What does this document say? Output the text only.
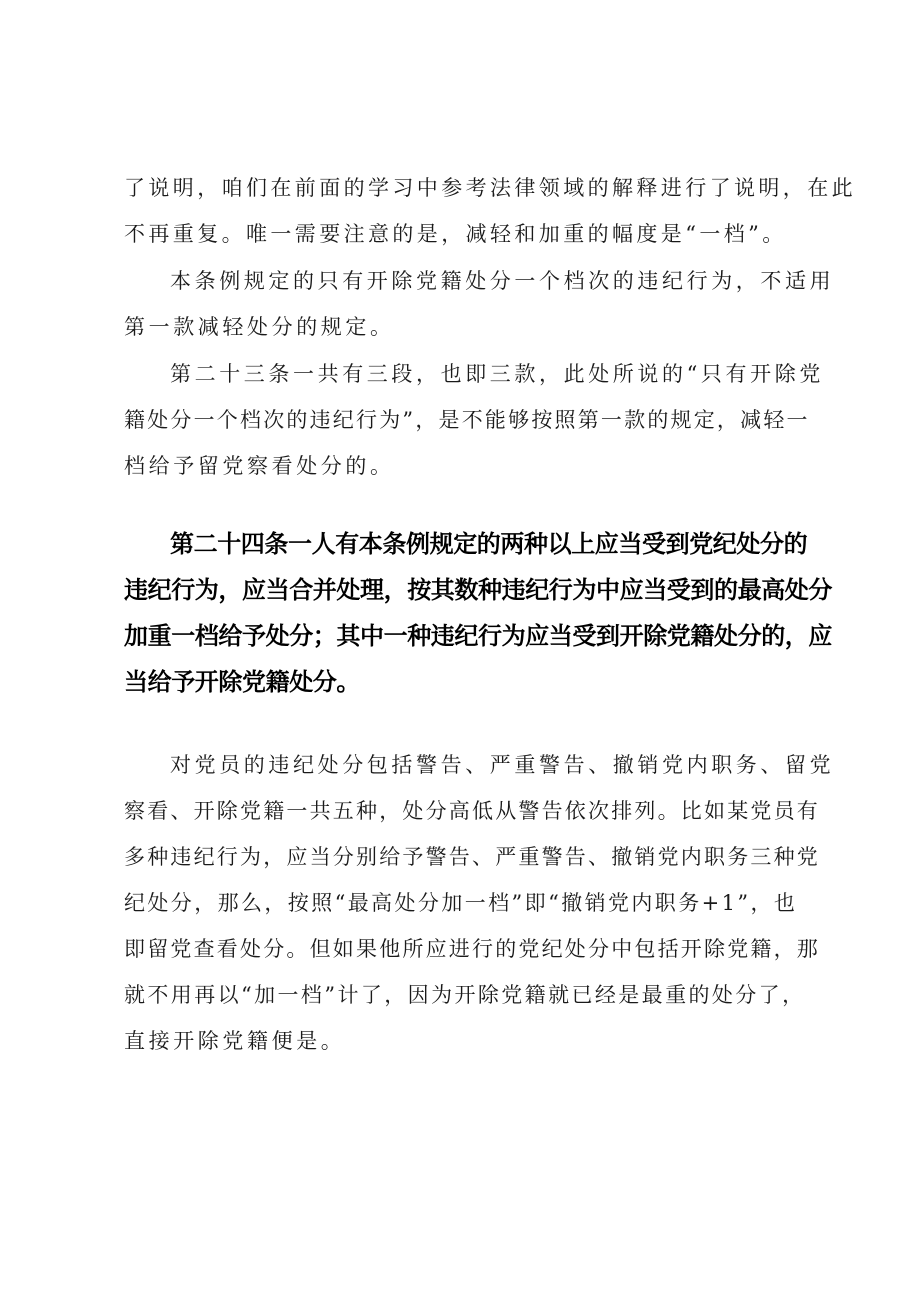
了说明，咱们在前面的学习中参考法律领域的解释进行了说明，在此
不再重复。唯一需要注意的是，减轻和加重的幅度是“一档”。

本条例规定的只有开除党籍处分一个档次的违纪行为，不适用
第一款减轻处分的规定。

第二十三条一共有三段，也即三款，此处所说的“只有开除党
籍处分一个档次的违纪行为”，是不能够按照第一款的规定，减轻一
档给予留党察看处分的。

第二十四条一人有本条例规定的两种以上应当受到党纪处分的
违纪行为，应当合并处理，按其数种违纪行为中应当受到的最高处分
加重一档给予处分；其中一种违纪行为应当受到开除党籍处分的，应
当给予开除党籍处分。

对党员的违纪处分包括警告、严重警告、撤销党内职务、留党
察看、开除党籍一共五种，处分高低从警告依次排列。比如某党员有
多种违纪行为，应当分别给予警告、严重警告、撤销党内职务三种党
纪处分，那么，按照“最高处分加一档”即“撤销党内职务+1”，也
即留党查看处分。但如果他所应进行的党纪处分中包括开除党籍，那
就不用再以“加一档”计了，因为开除党籍就已经是最重的处分了，
直接开除党籍便是。
